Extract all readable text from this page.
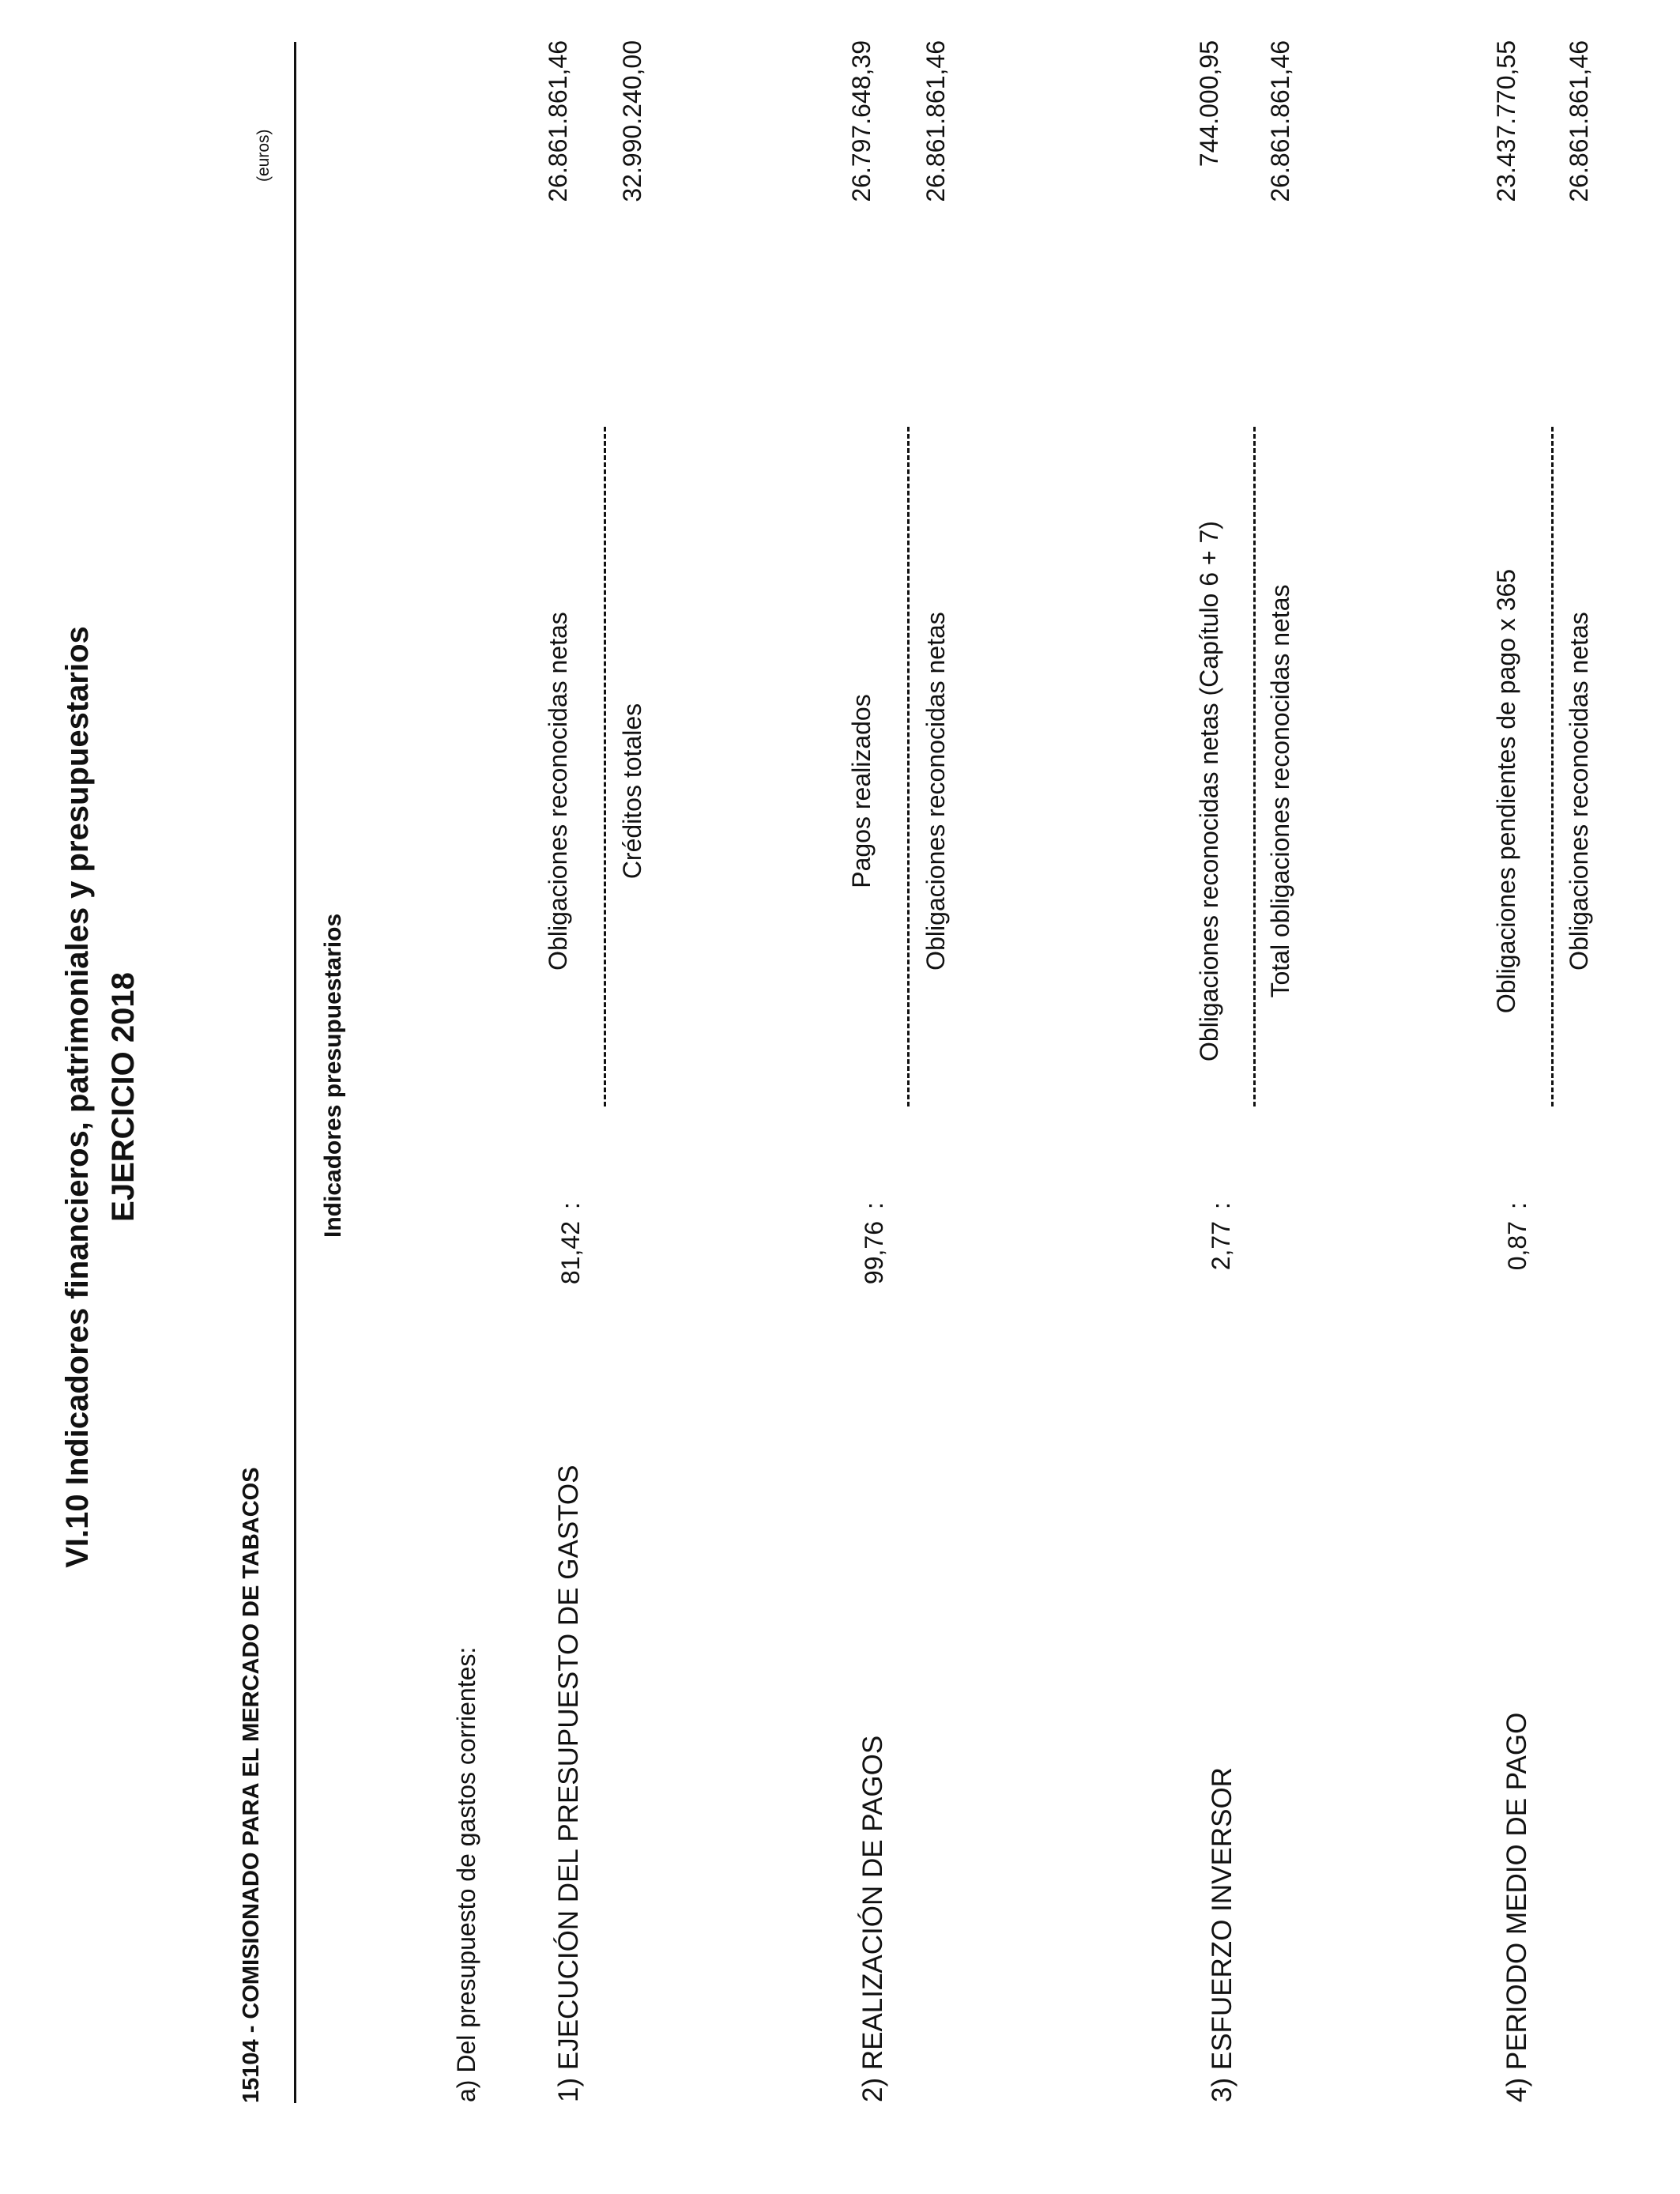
VI.10 Indicadores financieros, patrimoniales y presupuestarios EJERCICIO 2018
15104 - COMISIONADO PARA EL MERCADO DE TABACOS
(euros)
Indicadores presupuestarios
a) Del presupuesto de gastos corrientes:	1) EJECUCIÓN DEL PRESUPUESTO DE GASTOS
81,42
:
Obligaciones reconocidas netas Créditos totales
26.861.861,46 32.990.240,00
2) REALIZACIÓN DE PAGOS
99,76
:
Pagos realizados Obligaciones reconocidas netas
26.797.648,39 26.861.861,46
3) ESFUERZO INVERSOR
2,77
:
Obligaciones reconocidas netas (Capítulo 6 + 7) Total obligaciones reconocidas netas
744.000,95 26.861.861,46
4) PERIODO MEDIO DE PAGO
0,87
:
Obligaciones pendientes de pago x 365 Obligaciones reconocidas netas
23.437.770,55 26.861.861,46
